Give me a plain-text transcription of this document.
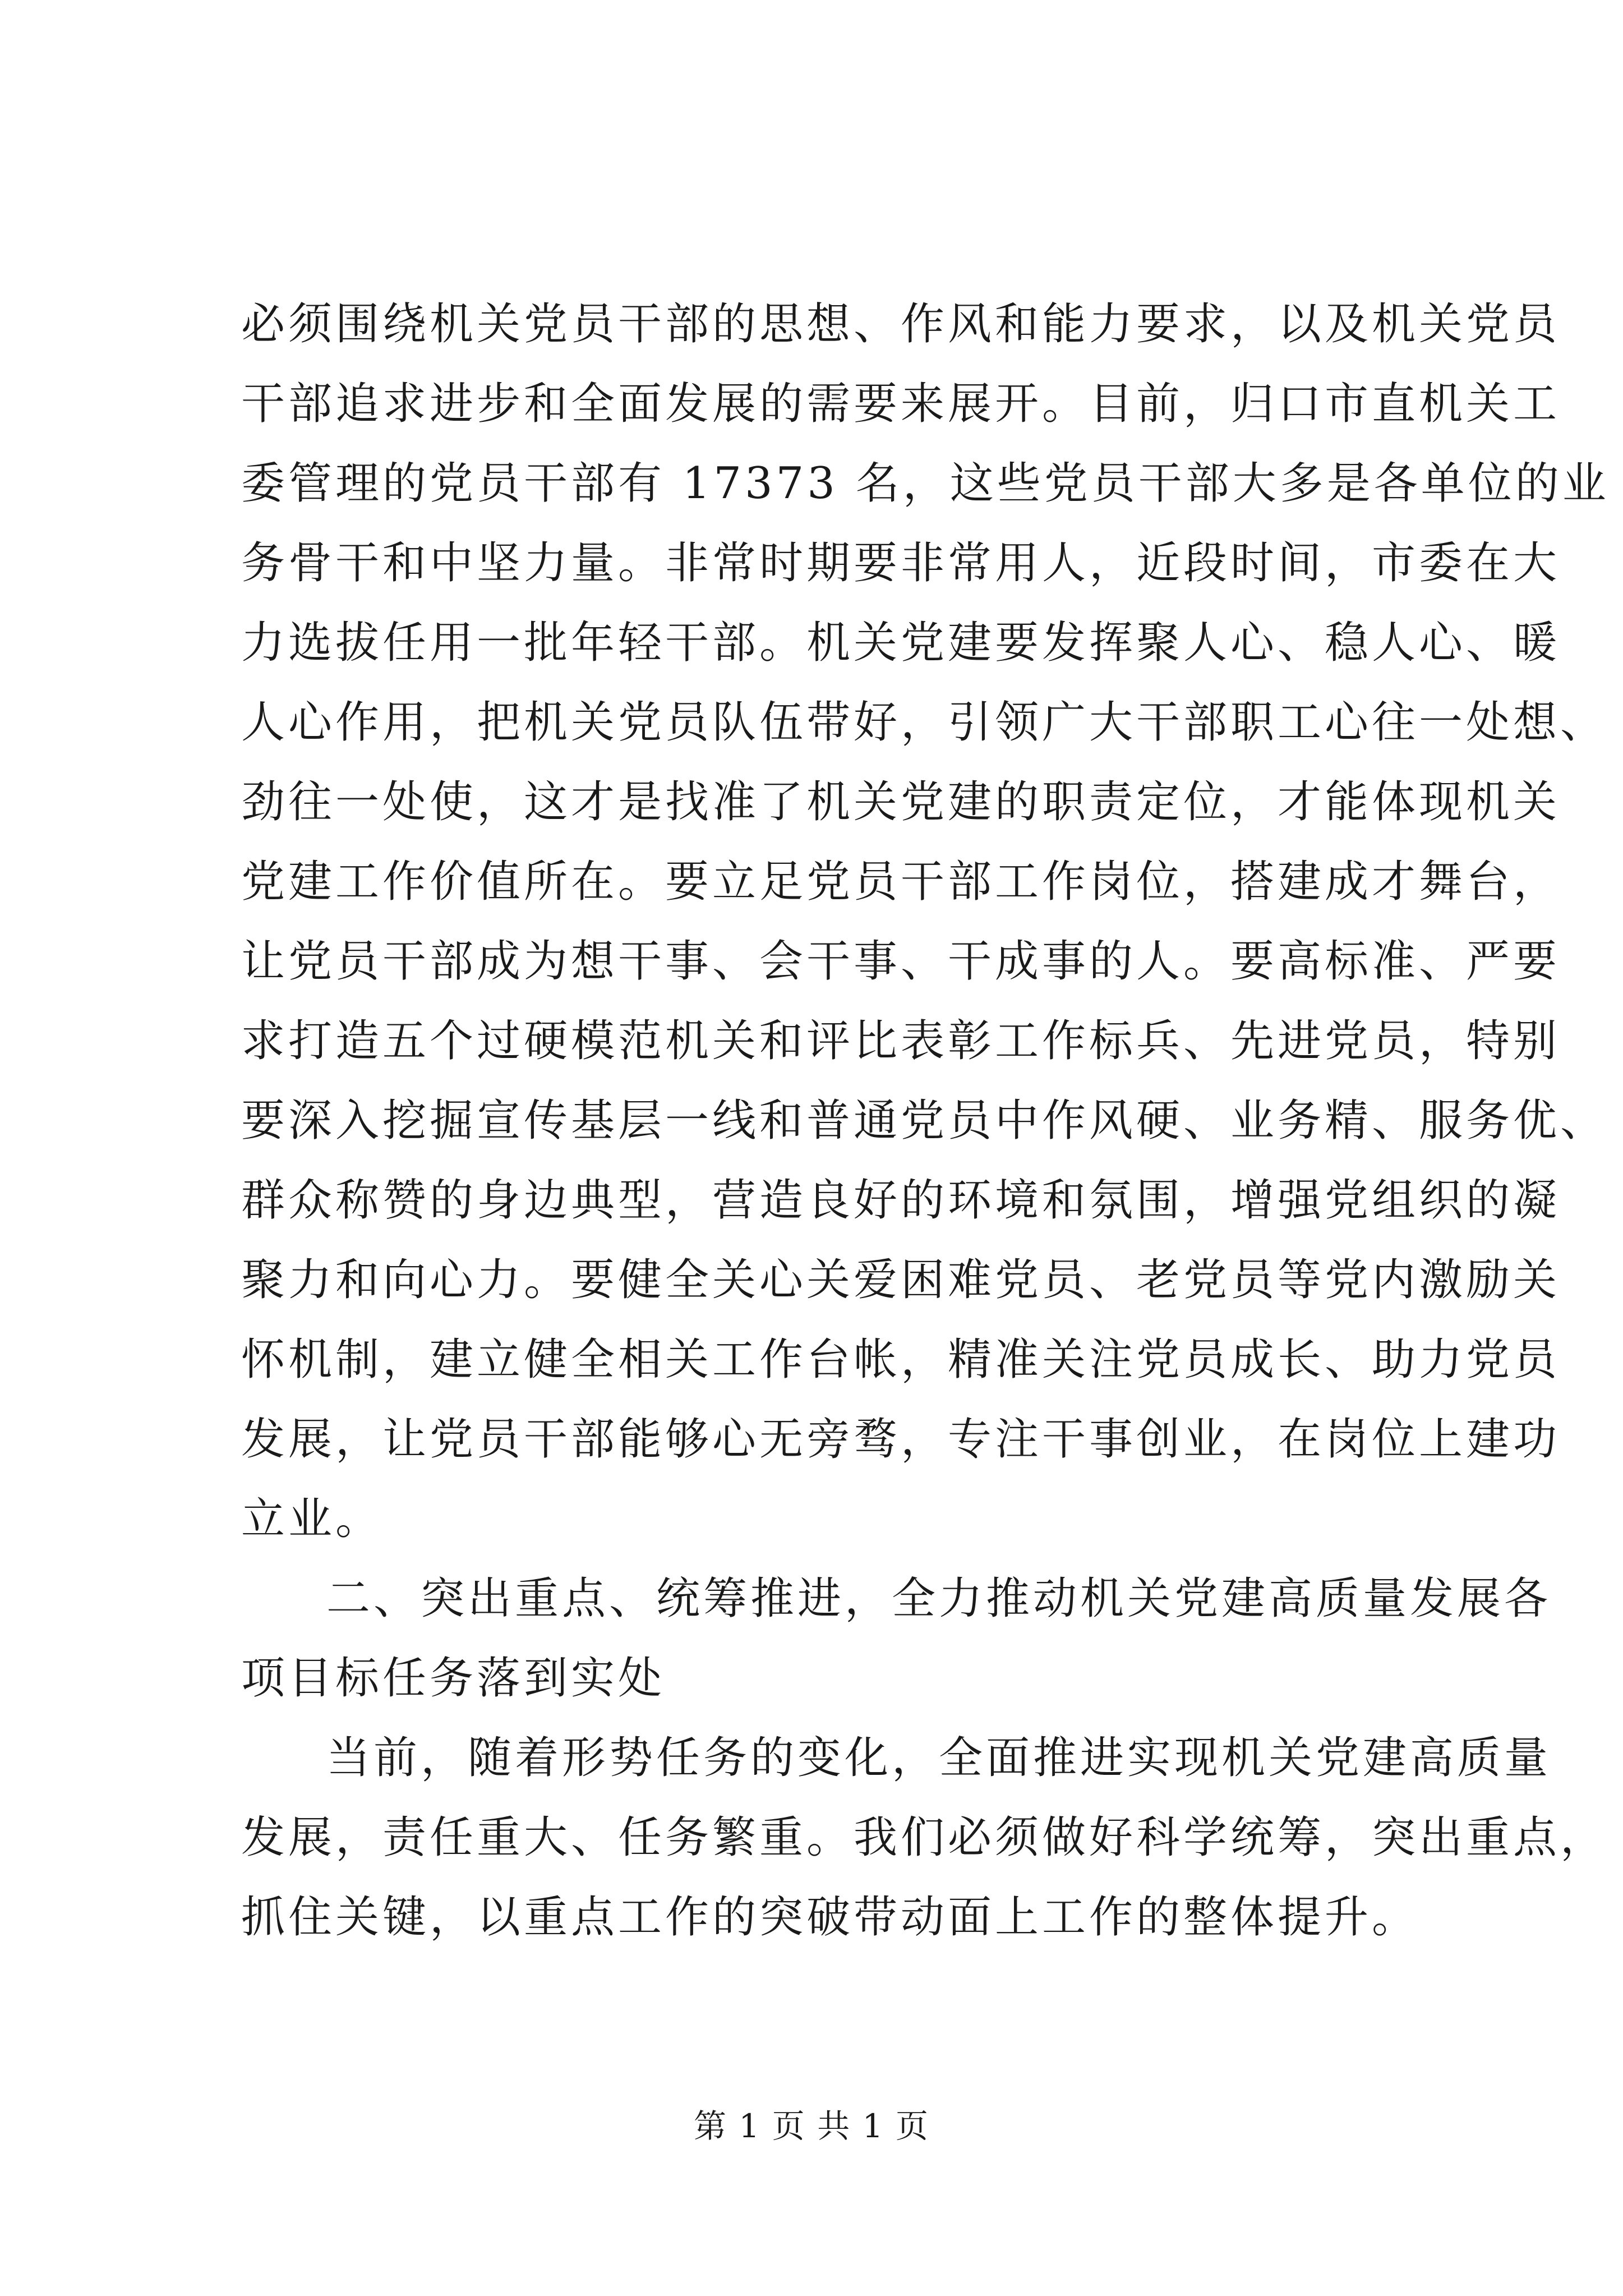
必须围绕机关党员干部的思想、作风和能力要求，以及机关党员
干部追求进步和全面发展的需要来展开。目前，归口市直机关工
委管理的党员干部有 17373 名，这些党员干部大多是各单位的业
务骨干和中坚力量。非常时期要非常用人，近段时间，市委在大
力选拔任用一批年轻干部。机关党建要发挥聚人心、稳人心、暖
人心作用，把机关党员队伍带好，引领广大干部职工心往一处想、
劲往一处使，这才是找准了机关党建的职责定位，才能体现机关
党建工作价值所在。要立足党员干部工作岗位，搭建成才舞台，
让党员干部成为想干事、会干事、干成事的人。要高标准、严要
求打造五个过硬模范机关和评比表彰工作标兵、先进党员，特别
要深入挖掘宣传基层一线和普通党员中作风硬、业务精、服务优、
群众称赞的身边典型，营造良好的环境和氛围，增强党组织的凝
聚力和向心力。要健全关心关爱困难党员、老党员等党内激励关
怀机制，建立健全相关工作台帐，精准关注党员成长、助力党员
发展，让党员干部能够心无旁骛，专注干事创业，在岗位上建功
立业。
二、突出重点、统筹推进，全力推动机关党建高质量发展各
项目标任务落到实处
当前，随着形势任务的变化，全面推进实现机关党建高质量
发展，责任重大、任务繁重。我们必须做好科学统筹，突出重点，
抓住关键，以重点工作的突破带动面上工作的整体提升。
第 1 页 共 1 页
